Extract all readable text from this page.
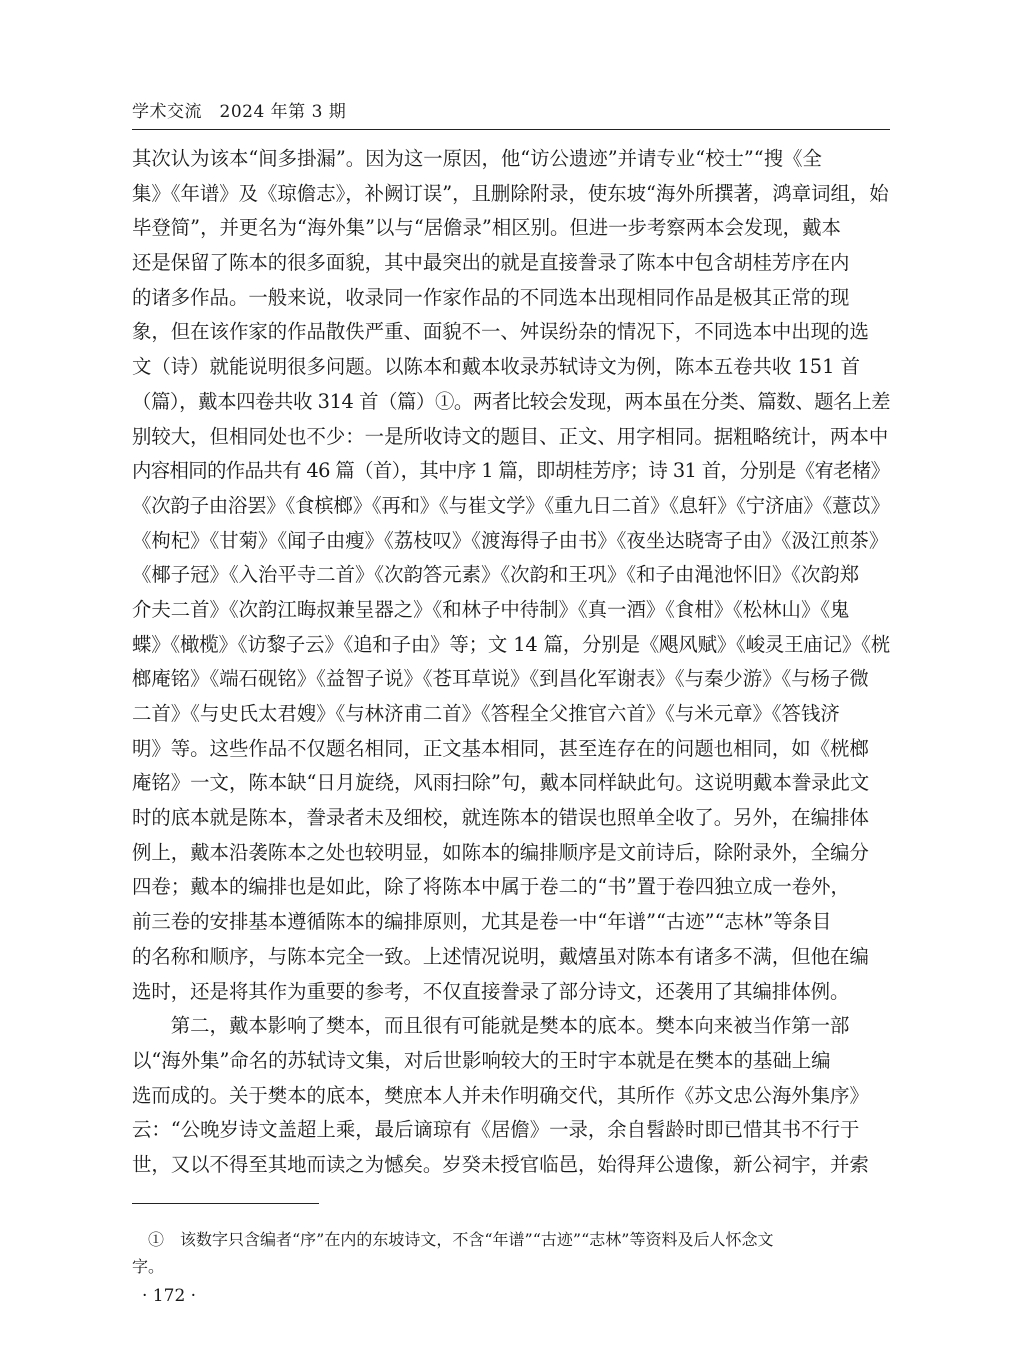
学术交流　2024 年第 3 期
其次认为该本“间多掛漏”。因为这一原因，他“访公遗迹”并请专业“校士”“搜《全
集》《年谱》及《琼儋志》，补阙订误”，且删除附录，使东坡“海外所撰著，鸿章词组，始
毕登简”，并更名为“海外集”以与“居儋录”相区别。但进一步考察两本会发现，戴本
还是保留了陈本的很多面貌，其中最突出的就是直接誊录了陈本中包含胡桂芳序在内
的诸多作品。一般来说，收录同一作家作品的不同选本出现相同作品是极其正常的现
象，但在该作家的作品散佚严重、面貌不一、舛误纷杂的情况下，不同选本中出现的选
文（诗）就能说明很多问题。以陈本和戴本收录苏轼诗文为例，陈本五卷共收 151 首
（篇），戴本四卷共收 314 首（篇）①。两者比较会发现，两本虽在分类、篇数、题名上差
别较大，但相同处也不少：一是所收诗文的题目、正文、用字相同。据粗略统计，两本中
内容相同的作品共有 46 篇（首），其中序 1 篇，即胡桂芳序；诗 31 首，分别是《宥老楮》
《次韵子由浴罢》《食槟榔》《再和》《与崔文学》《重九日二首》《息轩》《宁济庙》《薏苡》
《枸杞》《甘菊》《闻子由瘦》《荔枝叹》《渡海得子由书》《夜坐达晓寄子由》《汲江煎茶》
《椰子冠》《入治平寺二首》《次韵答元素》《次韵和王巩》《和子由渑池怀旧》《次韵郑
介夫二首》《次韵江晦叔兼呈器之》《和林子中待制》《真一酒》《食柑》《松林山》《鬼
蝶》《橄榄》《访黎子云》《追和子由》等；文 14 篇，分别是《飓风赋》《峻灵王庙记》《桄
榔庵铭》《端石砚铭》《益智子说》《苍耳草说》《到昌化军谢表》《与秦少游》《与杨子微
二首》《与史氏太君嫂》《与林济甫二首》《答程全父推官六首》《与米元章》《答钱济
明》等。这些作品不仅题名相同，正文基本相同，甚至连存在的问题也相同，如《桄榔
庵铭》一文，陈本缺“日月旋绕，风雨扫除”句，戴本同样缺此句。这说明戴本誊录此文
时的底本就是陈本，誊录者未及细校，就连陈本的错误也照单全收了。另外，在编排体
例上，戴本沿袭陈本之处也较明显，如陈本的编排顺序是文前诗后，除附录外，全编分
四卷；戴本的编排也是如此，除了将陈本中属于卷二的“书”置于卷四独立成一卷外，
前三卷的安排基本遵循陈本的编排原则，尤其是卷一中“年谱”“古迹”“志林”等条目
的名称和顺序，与陈本完全一致。上述情况说明，戴熺虽对陈本有诸多不满，但他在编
选时，还是将其作为重要的参考，不仅直接誊录了部分诗文，还袭用了其编排体例。
　　第二，戴本影响了樊本，而且很有可能就是樊本的底本。樊本向来被当作第一部
以“海外集”命名的苏轼诗文集，对后世影响较大的王时宇本就是在樊本的基础上编
选而成的。关于樊本的底本，樊庶本人并未作明确交代，其所作《苏文忠公海外集序》
云：“公晚岁诗文盖超上乘，最后谪琼有《居儋》一录，余自髫龄时即已惜其书不行于
世，又以不得至其地而读之为憾矣。岁癸未授官临邑，始得拜公遗像，新公祠宇，并索
　①　该数字只含编者“序”在内的东坡诗文，不含“年谱”“古迹”“志林”等资料及后人怀念文
字。
· 172 ·
